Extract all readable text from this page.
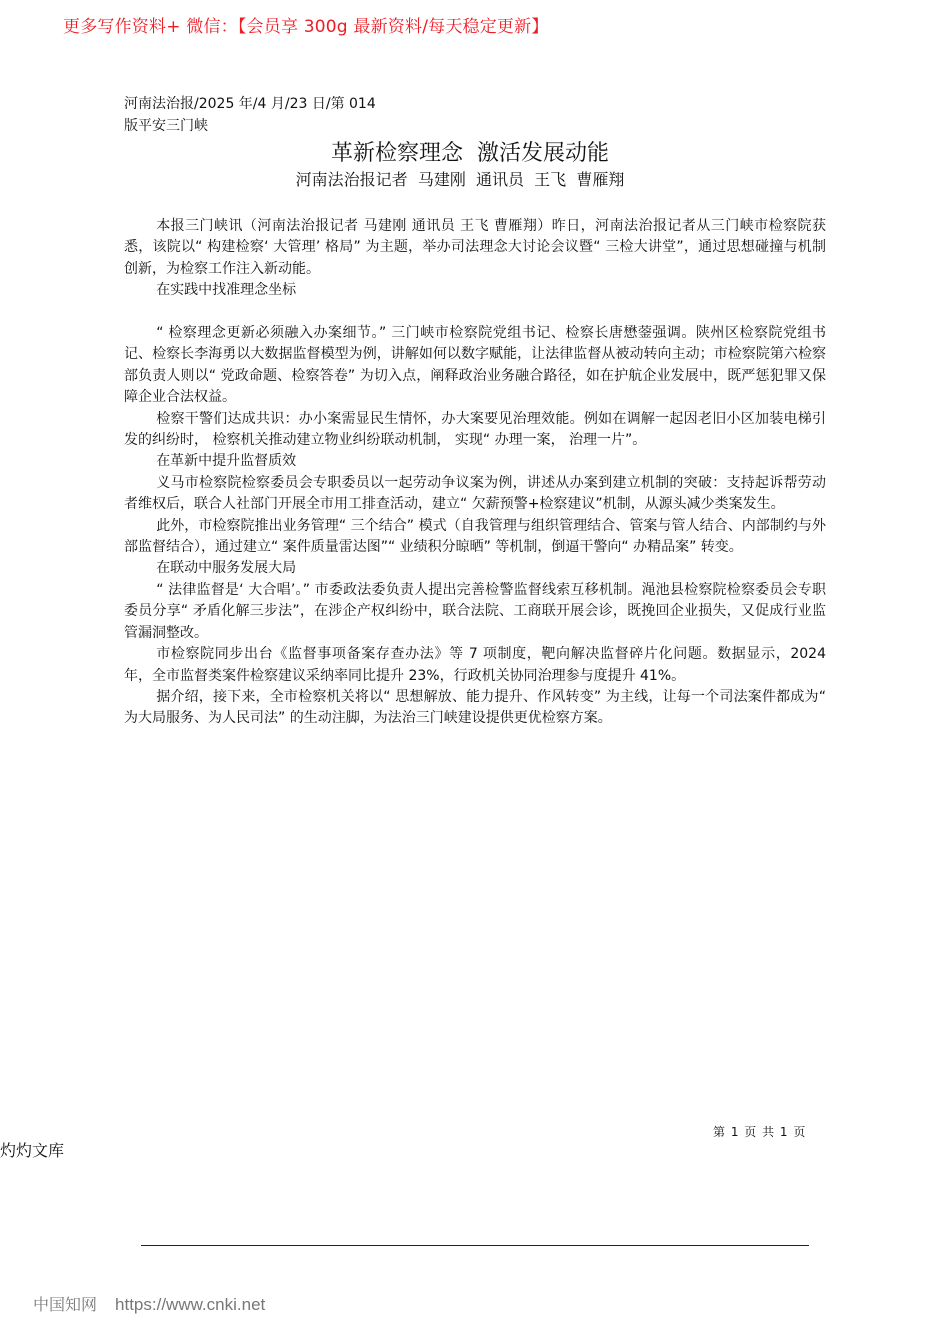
更多写作资料+ 微信：【会员享 300g 最新资料/每天稳定更新】
河南法治报/2025 年/4 月/23 日/第 014
版平安三门峡
革新检察理念  激活发展动能
河南法治报记者  马建刚  通讯员  王飞  曹雁翔

本报三门峡讯（河南法治报记者 马建刚 通讯员 王飞 曹雁翔）昨日，河南法治报记者从三门峡市检察院获悉，该院以“ 构建检察‘ 大管理’ 格局” 为主题，举办司法理念大讨论会议暨“ 三检大讲堂”，通过思想碰撞与机制创新，为检察工作注入新动能。

在实践中找准理念坐标

“ 检察理念更新必须融入办案细节。” 三门峡市检察院党组书记、检察长唐懋蓥强调。陕州区检察院党组书记、检察长李海勇以大数据监督模型为例，讲解如何以数字赋能，让法律监督从被动转向主动；市检察院第六检察部负责人则以“ 党政命题、检察答卷” 为切入点，阐释政治业务融合路径，如在护航企业发展中，既严惩犯罪又保障企业合法权益。

检察干警们达成共识：办小案需显民生情怀，办大案要见治理效能。例如在调解一起因老旧小区加装电梯引发的纠纷时， 检察机关推动建立物业纠纷联动机制， 实现“ 办理一案， 治理一片”。

在革新中提升监督质效

义马市检察院检察委员会专职委员以一起劳动争议案为例，讲述从办案到建立机制的突破：支持起诉帮劳动者维权后，联合人社部门开展全市用工排查活动，建立“ 欠薪预警+检察建议”机制，从源头减少类案发生。

此外，市检察院推出业务管理“ 三个结合” 模式（自我管理与组织管理结合、管案与管人结合、内部制约与外部监督结合），通过建立“ 案件质量雷达图”“ 业绩积分晾晒” 等机制，倒逼干警向“ 办精品案” 转变。

在联动中服务发展大局

“ 法律监督是‘ 大合唱’。” 市委政法委负责人提出完善检警监督线索互移机制。渑池县检察院检察委员会专职委员分享“ 矛盾化解三步法”，在涉企产权纠纷中，联合法院、工商联开展会诊，既挽回企业损失，又促成行业监管漏洞整改。

市检察院同步出台《监督事项备案存查办法》等 7 项制度，靶向解决监督碎片化问题。数据显示，2024 年，全市监督类案件检察建议采纳率同比提升 23%，行政机关协同治理参与度提升 41%。

据介绍，接下来，全市检察机关将以“ 思想解放、能力提升、作风转变” 为主线，让每一个司法案件都成为“ 为大局服务、为人民司法” 的生动注脚，为法治三门峡建设提供更优检察方案。

第 1 页 共 1 页
灼灼文库
中国知网 https://www.cnki.net
